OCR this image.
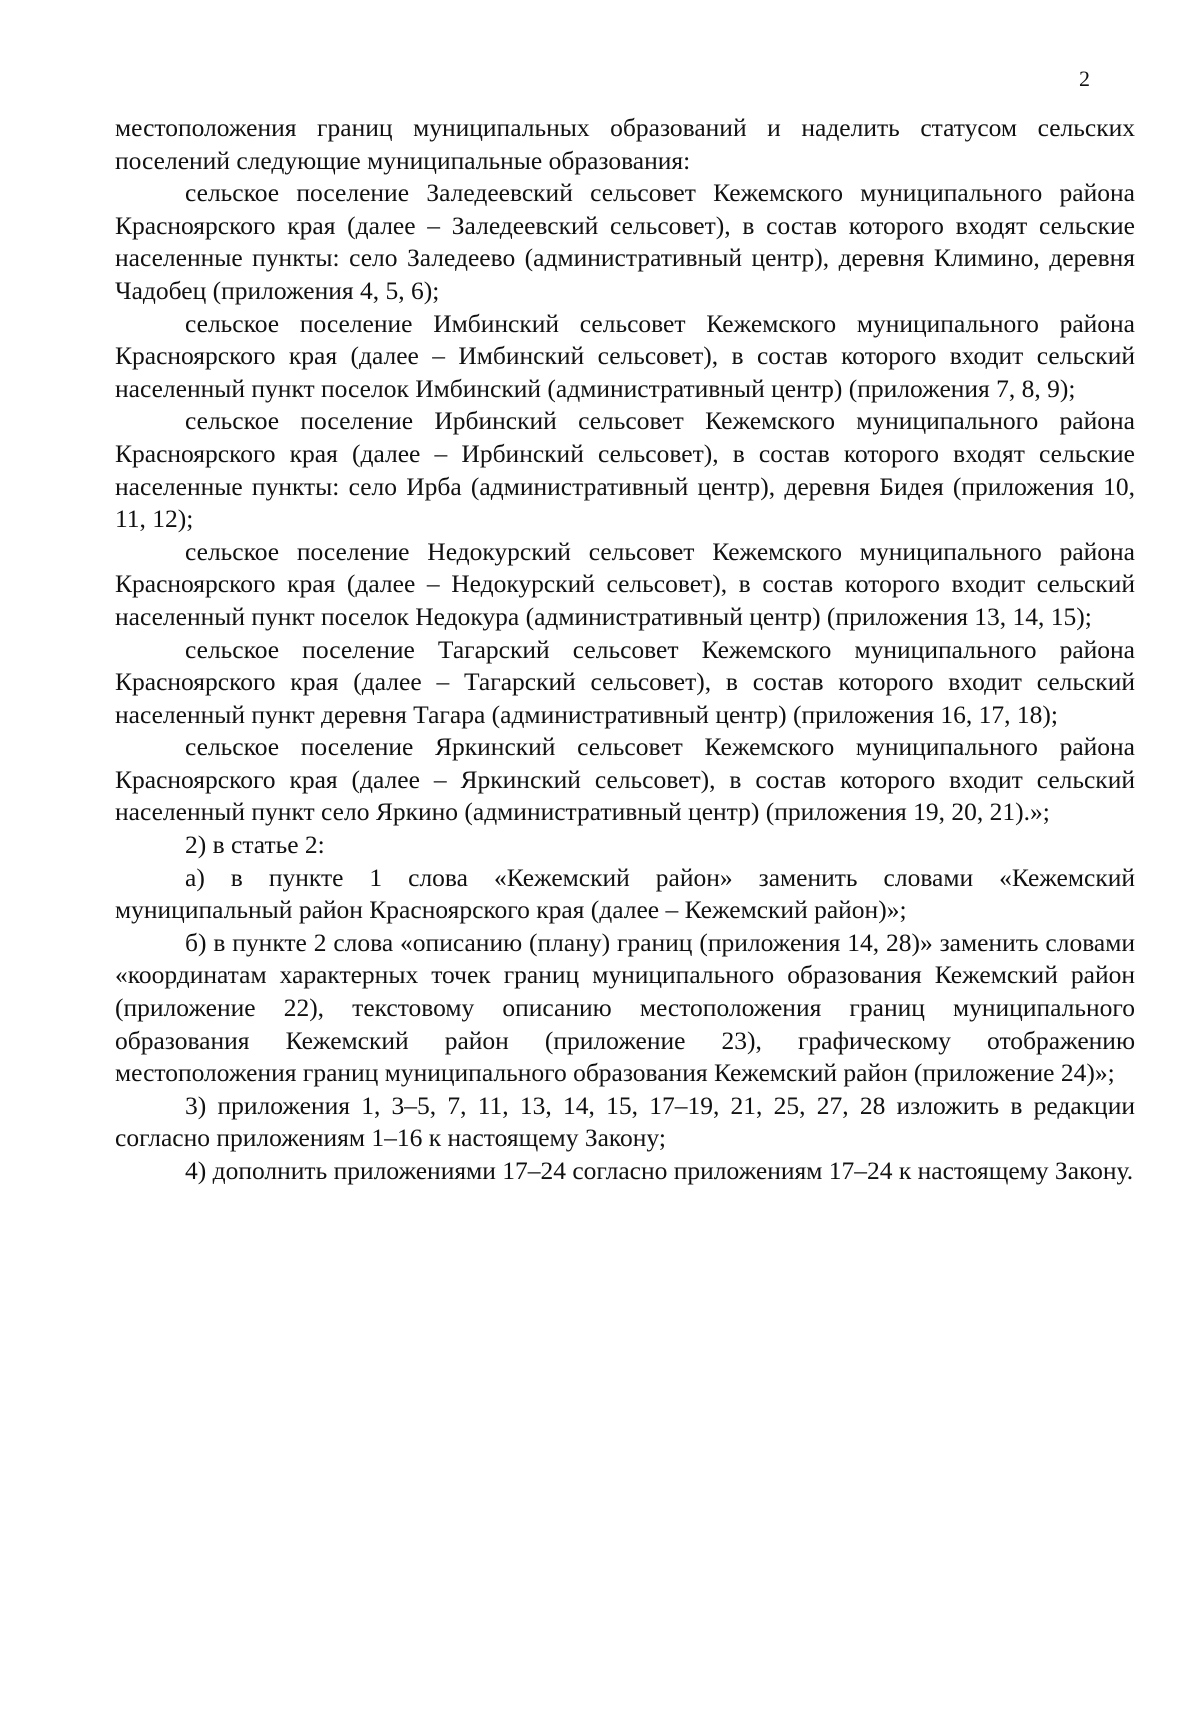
2

местоположения границ муниципальных образований и наделить статусом сельских поселений следующие муниципальные образования:

сельское поселение Заледеевский сельсовет Кежемского муниципального района Красноярского края (далее – Заледеевский сельсовет), в состав которого входят сельские населенные пункты: село Заледеево (административный центр), деревня Климино, деревня Чадобец (приложения 4, 5, 6);

сельское поселение Имбинский сельсовет Кежемского муниципального района Красноярского края (далее – Имбинский сельсовет), в состав которого входит сельский населенный пункт поселок Имбинский (административный центр) (приложения 7, 8, 9);

сельское поселение Ирбинский сельсовет Кежемского муниципального района Красноярского края (далее – Ирбинский сельсовет), в состав которого входят сельские населенные пункты: село Ирба (административный центр), деревня Бидея (приложения 10, 11, 12);

сельское поселение Недокурский сельсовет Кежемского муниципального района Красноярского края (далее – Недокурский сельсовет), в состав которого входит сельский населенный пункт поселок Недокура (административный центр) (приложения 13, 14, 15);

сельское поселение Тагарский сельсовет Кежемского муниципального района Красноярского края (далее – Тагарский сельсовет), в состав которого входит сельский населенный пункт деревня Тагара (административный центр) (приложения 16, 17, 18);

сельское поселение Яркинский сельсовет Кежемского муниципального района Красноярского края (далее – Яркинский сельсовет), в состав которого входит сельский населенный пункт село Яркино (административный центр) (приложения 19, 20, 21).»;

2) в статье 2:

а) в пункте 1 слова «Кежемский район» заменить словами «Кежемский муниципальный район Красноярского края (далее – Кежемский район)»;

б) в пункте 2 слова «описанию (плану) границ (приложения 14, 28)» заменить словами «координатам характерных точек границ муниципального образования Кежемский район (приложение 22), текстовому описанию местоположения границ муниципального образования Кежемский район (приложение 23), графическому отображению местоположения границ муниципального образования Кежемский район (приложение 24)»;

3) приложения 1, 3–5, 7, 11, 13, 14, 15, 17–19, 21, 25, 27, 28 изложить в редакции согласно приложениям 1–16 к настоящему Закону;

4) дополнить приложениями 17–24 согласно приложениям 17–24 к настоящему Закону.
